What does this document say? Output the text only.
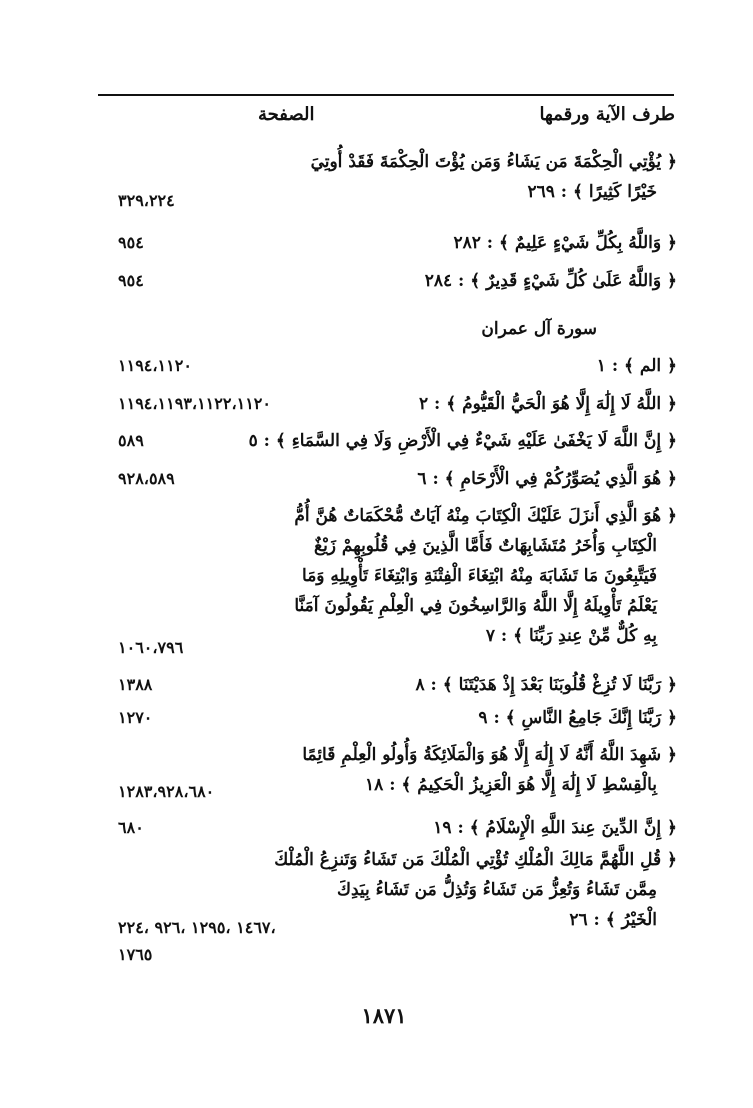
طرف الآية ورقمها
الصفحة
﴿ يُؤْتِي الْحِكْمَةَ مَن يَشَاءُ وَمَن يُؤْتَ الْحِكْمَةَ فَقَدْ أُوتِيَ
خَيْرًا كَثِيرًا ﴾ : ٢٦٩
٣٢٩،٢٢٤
﴿ وَاللَّهُ بِكُلِّ شَيْءٍ عَلِيمٌ ﴾ : ٢٨٢
٩٥٤
﴿ وَاللَّهُ عَلَىٰ كُلِّ شَيْءٍ قَدِيرٌ ﴾ : ٢٨٤
٩٥٤
سورة آل عمران
﴿ الم ﴾ : ١
١١٩٤،١١٢٠
﴿ اللَّهُ لَا إِلَٰهَ إِلَّا هُوَ الْحَيُّ الْقَيُّومُ ﴾ : ٢
١١٩٤،١١٩٣،١١٢٢،١١٢٠
﴿ إِنَّ اللَّهَ لَا يَخْفَىٰ عَلَيْهِ شَيْءٌ فِي الْأَرْضِ وَلَا فِي السَّمَاءِ ﴾ : ٥
٥٨٩
﴿ هُوَ الَّذِي يُصَوِّرُكُمْ فِي الْأَرْحَامِ ﴾ : ٦
٩٢٨،٥٨٩
﴿ هُوَ الَّذِي أَنزَلَ عَلَيْكَ الْكِتَابَ مِنْهُ آيَاتٌ مُّحْكَمَاتٌ هُنَّ أُمُّ
الْكِتَابِ وَأُخَرُ مُتَشَابِهَاتٌ فَأَمَّا الَّذِينَ فِي قُلُوبِهِمْ زَيْغٌ
فَيَتَّبِعُونَ مَا تَشَابَهَ مِنْهُ ابْتِغَاءَ الْفِتْنَةِ وَابْتِغَاءَ تَأْوِيلِهِ وَمَا
يَعْلَمُ تَأْوِيلَهُ إِلَّا اللَّهُ وَالرَّاسِخُونَ فِي الْعِلْمِ يَقُولُونَ آمَنَّا
بِهِ كُلٌّ مِّنْ عِندِ رَبِّنَا ﴾ : ٧
١٠٦٠،٧٩٦
﴿ رَبَّنَا لَا تُزِغْ قُلُوبَنَا بَعْدَ إِذْ هَدَيْتَنَا ﴾ : ٨
١٣٨٨
﴿ رَبَّنَا إِنَّكَ جَامِعُ النَّاسِ ﴾ : ٩
١٢٧٠
﴿ شَهِدَ اللَّهُ أَنَّهُ لَا إِلَٰهَ إِلَّا هُوَ وَالْمَلَائِكَةُ وَأُولُو الْعِلْمِ قَائِمًا
بِالْقِسْطِ لَا إِلَٰهَ إِلَّا هُوَ الْعَزِيزُ الْحَكِيمُ ﴾ : ١٨
١٢٨٣،٩٢٨،٦٨٠
﴿ إِنَّ الدِّينَ عِندَ اللَّهِ الْإِسْلَامُ ﴾ : ١٩
٦٨٠
﴿ قُلِ اللَّهُمَّ مَالِكَ الْمُلْكِ تُؤْتِي الْمُلْكَ مَن تَشَاءُ وَتَنزِعُ الْمُلْكَ
مِمَّن تَشَاءُ وَتُعِزُّ مَن تَشَاءُ وَتُذِلُّ مَن تَشَاءُ بِيَدِكَ
الْخَيْرُ ﴾ : ٢٦
،١٤٦٧ ،١٢٩٥ ،٩٢٦ ،٢٢٤
١٧٦٥
١٨٧١
